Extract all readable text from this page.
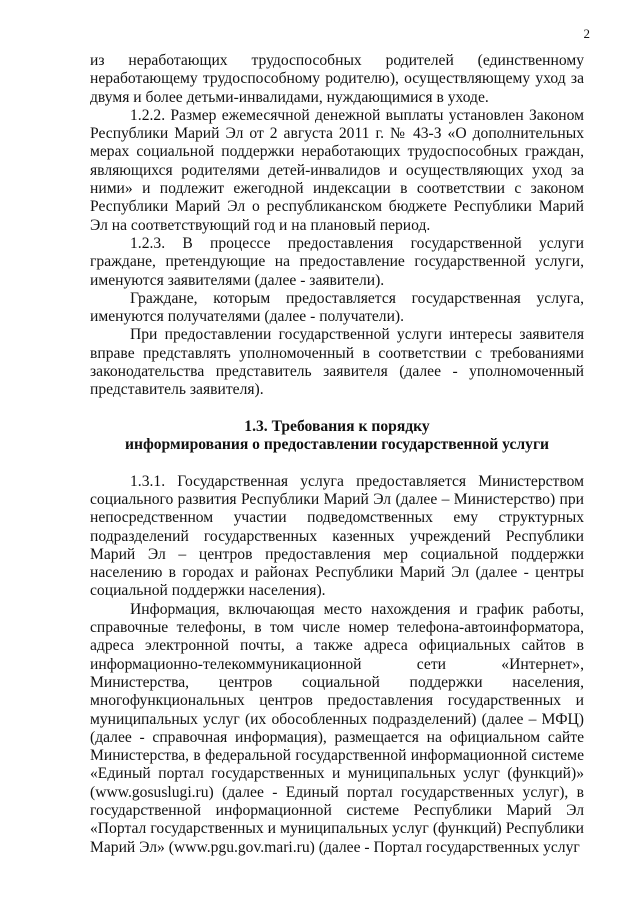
2

из неработающих трудоспособных родителей (единственному неработающему трудоспособному родителю), осуществляющему уход за двумя и более детьми-инвалидами, нуждающимися в уходе.

1.2.2. Размер ежемесячной денежной выплаты установлен Законом Республики Марий Эл от 2 августа 2011 г. № 43-З «О дополнительных мерах социальной поддержки неработающих трудоспособных граждан, являющихся родителями детей-инвалидов и осуществляющих уход за ними» и подлежит ежегодной индексации в соответствии с законом Республики Марий Эл о республиканском бюджете Республики Марий Эл на соответствующий год и на плановый период.

1.2.3. В процессе предоставления государственной услуги граждане, претендующие на предоставление государственной услуги, именуются заявителями (далее - заявители).

Граждане, которым предоставляется государственная услуга, именуются получателями (далее - получатели).

При предоставлении государственной услуги интересы заявителя вправе представлять уполномоченный в соответствии с требованиями законодательства представитель заявителя (далее - уполномоченный представитель заявителя).

1.3. Требования к порядку
информирования о предоставлении государственной услуги

1.3.1. Государственная услуга предоставляется Министерством социального развития Республики Марий Эл (далее – Министерство) при непосредственном участии подведомственных ему структурных подразделений государственных казенных учреждений Республики Марий Эл – центров предоставления мер социальной поддержки населению в городах и районах Республики Марий Эл (далее - центры социальной поддержки населения).

Информация, включающая место нахождения и график работы, справочные телефоны, в том числе номер телефона-автоинформатора, адреса электронной почты, а также адреса официальных сайтов в информационно-телекоммуникационной сети «Интернет», Министерства, центров социальной поддержки населения, многофункциональных центров предоставления государственных и муниципальных услуг (их обособленных подразделений) (далее – МФЦ) (далее - справочная информация), размещается на официальном сайте Министерства, в федеральной государственной информационной системе «Единый портал государственных и муниципальных услуг (функций)» (www.gosuslugi.ru) (далее - Единый портал государственных услуг), в государственной информационной системе Республики Марий Эл «Портал государственных и муниципальных услуг (функций) Республики Марий Эл» (www.pgu.gov.mari.ru) (далее - Портал государственных услуг
